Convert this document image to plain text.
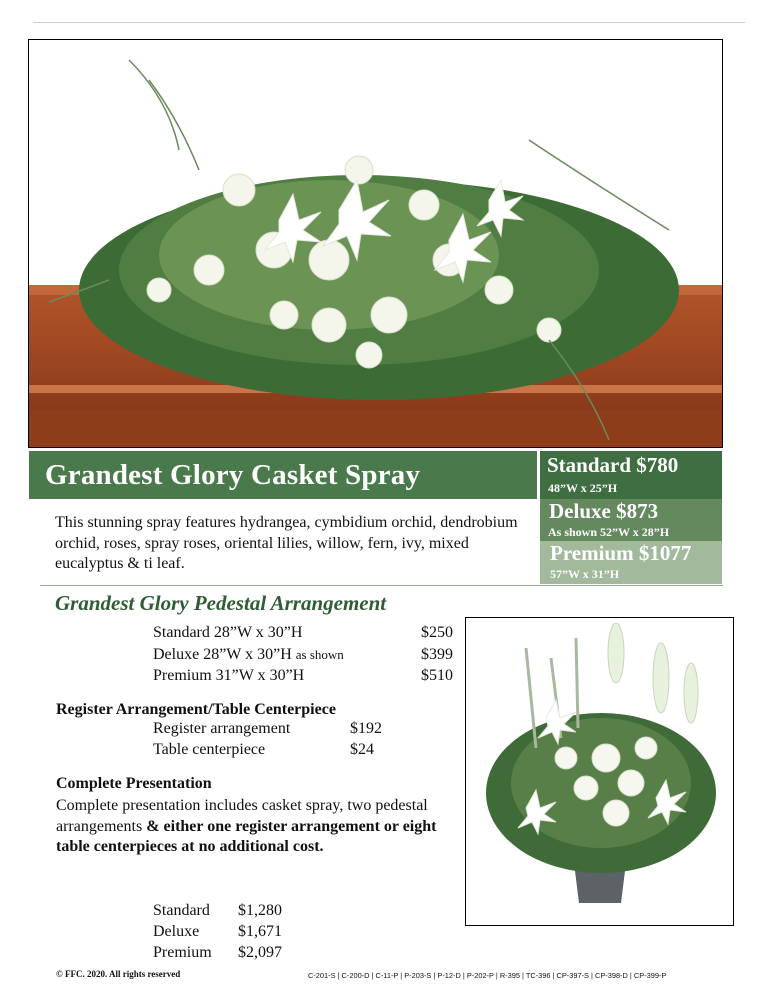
Grandest Glory Casket Spray	Standard $780
48”W x 25”H
Deluxe $873
As shown 52”W x 28”H
Premium $1077
57”W x 31”H
This stunning spray features hydrangea, cymbidium orchid, dendrobium orchid, roses, spray roses, oriental lilies, willow, fern, ivy, mixed eucalyptus & ti leaf.
Grandest Glory Pedestal Arrangement
Standard 28”W x 30”H	$250
Deluxe 28”W x 30”H as shown	$399
Premium 31”W x 30”H	$510
Register Arrangement/Table Centerpiece
Register arrangement	$192
Table centerpiece	$24
Complete Presentation
Complete presentation includes casket spray, two pedestal arrangements & either one register arrangement or eight table centerpieces at no additional cost.
Standard $1,280
Deluxe $1,671
Premium $2,097
© FFC. 2020. All rights reserved	C-201-S | C-200-D | C-11-P | P-203-S | P-12-D | P-202-P | R-395 | TC-396 | CP-397-S | CP-398-D | CP-399-P
